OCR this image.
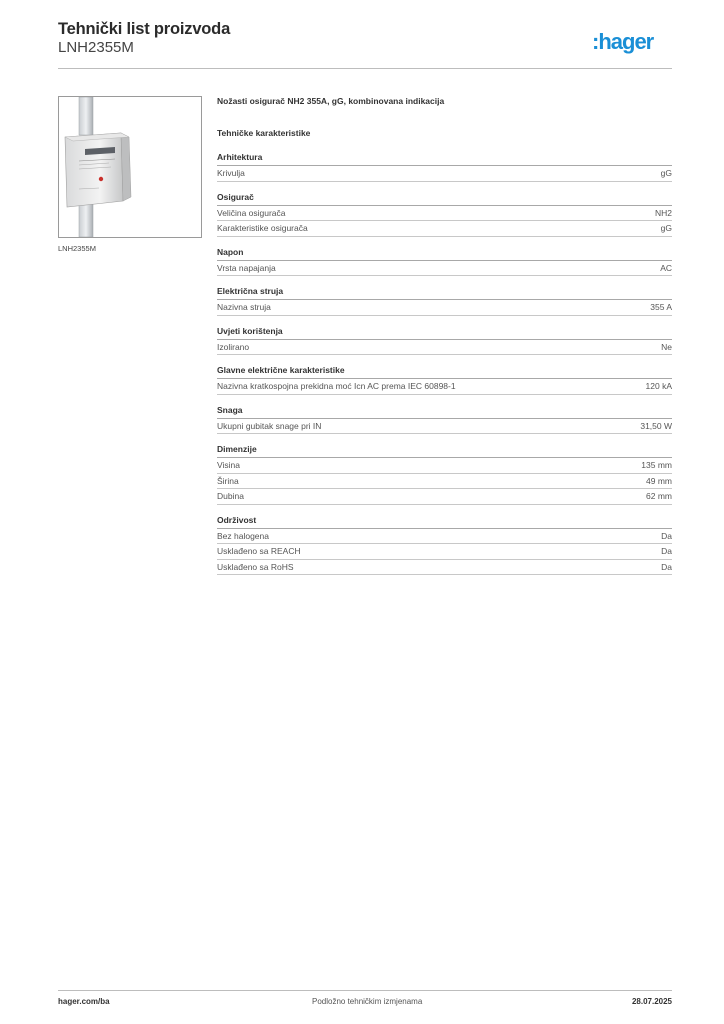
Tehnički list proizvoda
LNH2355M	:hager
LNH2355M
Nožasti osigurač NH2 355A, gG, kombinovana indikacija
Tehničke karakteristike
Arhitektura
Krivulja	gG
Osigurač
Veličina osigurača	NH2
Karakteristike osigurača	gG
Napon
Vrsta napajanja	AC
Električna struja
Nazivna struja	355 A
Uvjeti korištenja
Izolirano	Ne
Glavne električne karakteristike
Nazivna kratkospojna prekidna moć Icn AC prema IEC 60898-1	120 kA
Snaga
Ukupni gubitak snage pri IN	31,50 W
Dimenzije
Visina	135 mm
Širina	49 mm
Dubina	62 mm
Održivost
Bez halogena	Da
Usklađeno sa REACH	Da
Usklađeno sa RoHS	Da
hager.com/ba	Podložno tehničkim izmjenama	28.07.2025
